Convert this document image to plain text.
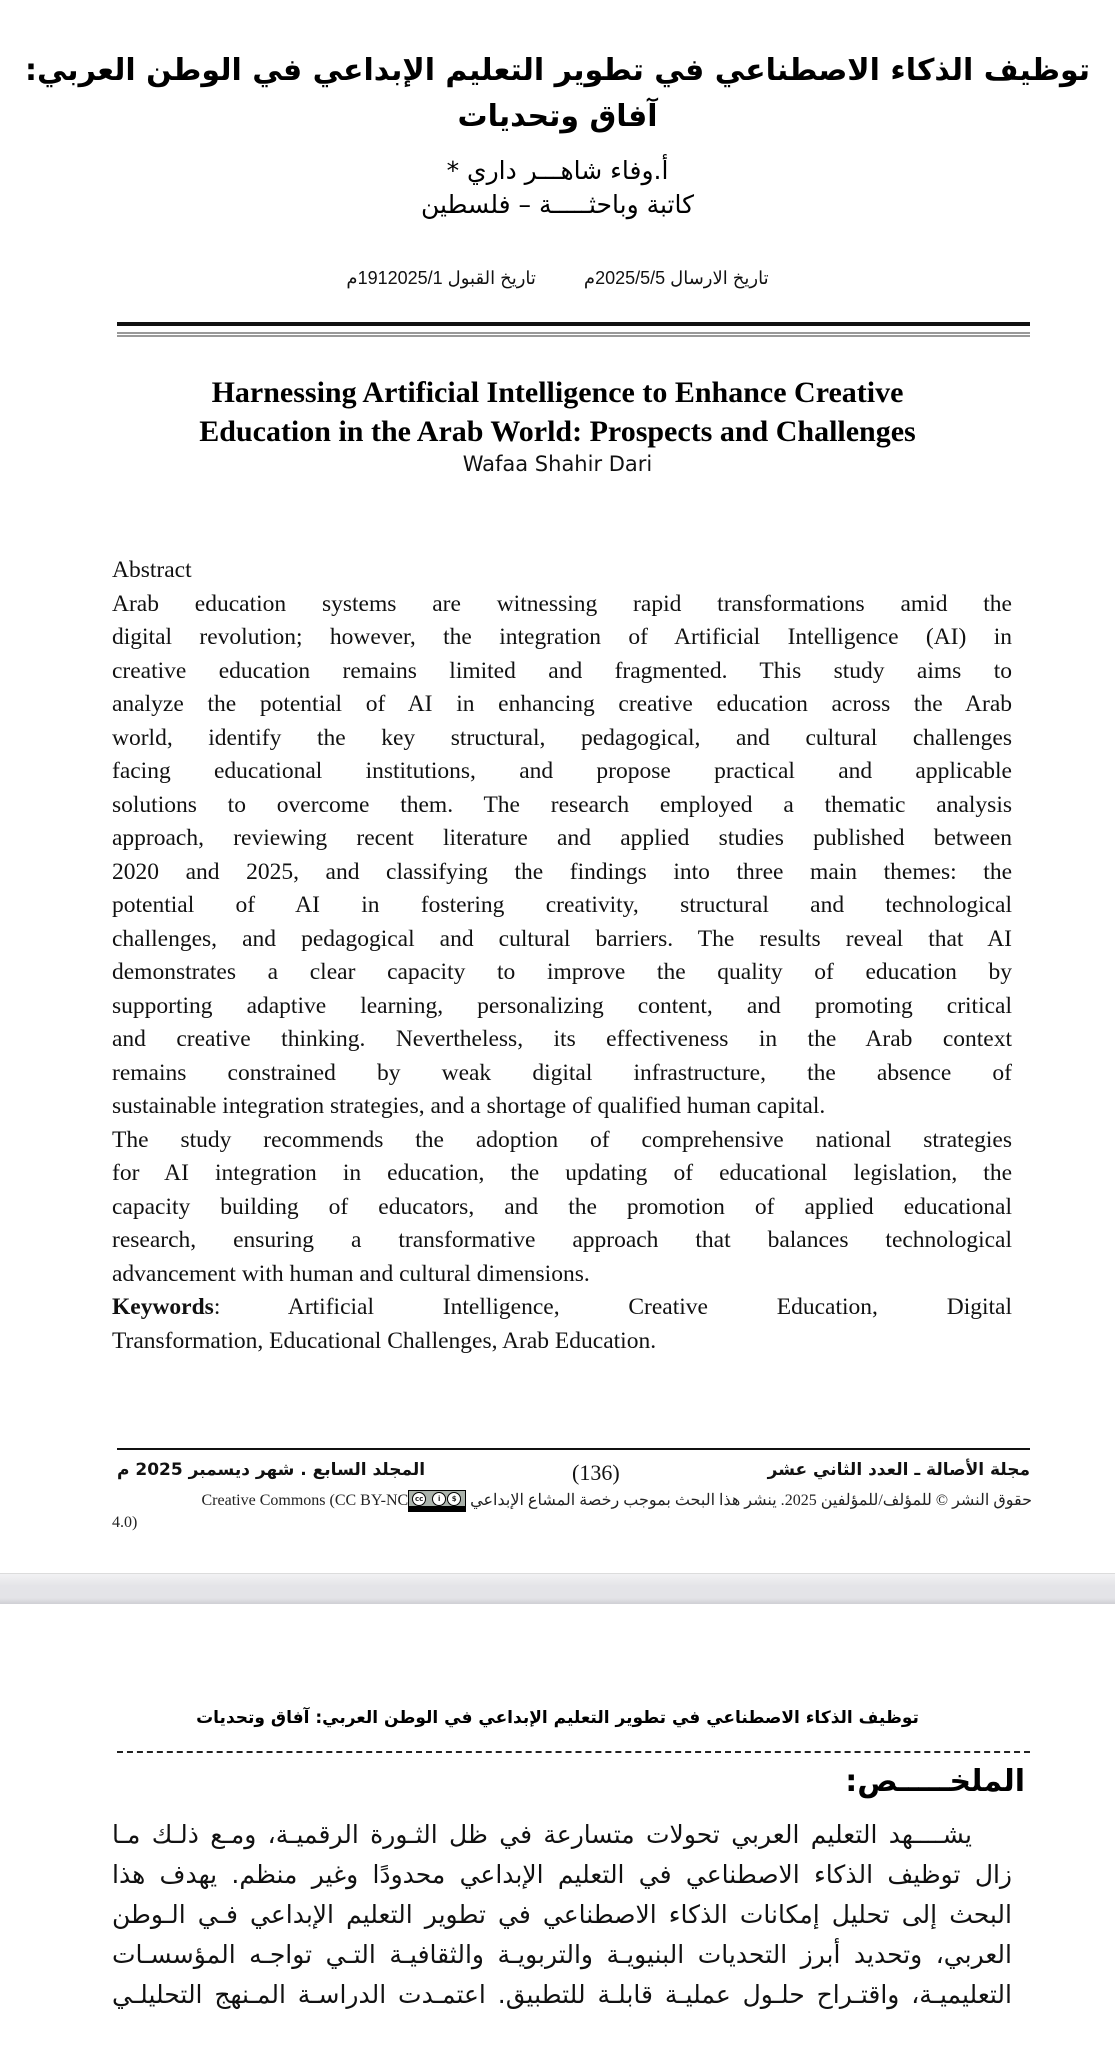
توظيف الذكاء الاصطناعي في تطوير التعليم الإبداعي في الوطن العربي:
آفاق وتحديات
أ.وفاء شاهـــر داري *
كاتبة وباحثـــــة – فلسطين
تاريخ الارسال 2025/5/5م  تاريخ القبول 1912025/1م
Harnessing Artificial Intelligence to Enhance Creative
Education in the Arab World: Prospects and Challenges
Wafaa Shahir Dari
Abstract
Arab education systems are witnessing rapid transformations amid the
digital revolution; however, the integration of Artificial Intelligence (AI) in
creative education remains limited and fragmented. This study aims to
analyze the potential of AI in enhancing creative education across the Arab
world, identify the key structural, pedagogical, and cultural challenges
facing educational institutions, and propose practical and applicable
solutions to overcome them. The research employed a thematic analysis
approach, reviewing recent literature and applied studies published between
2020 and 2025, and classifying the findings into three main themes: the
potential of AI in fostering creativity, structural and technological
challenges, and pedagogical and cultural barriers. The results reveal that AI
demonstrates a clear capacity to improve the quality of education by
supporting adaptive learning, personalizing content, and promoting critical
and creative thinking. Nevertheless, its effectiveness in the Arab context
remains constrained by weak digital infrastructure, the absence of
sustainable integration strategies, and a shortage of qualified human capital.
The study recommends the adoption of comprehensive national strategies
for AI integration in education, the updating of educational legislation, the
capacity building of educators, and the promotion of applied educational
research, ensuring a transformative approach that balances technological
advancement with human and cultural dimensions.
Keywords:   Artificial   Intelligence,   Creative   Education,   Digital
Transformation, Educational Challenges, Arab Education.
مجلة الأصالة ـ العدد الثاني عشر
(136)
المجلد السابع . شهر ديسمبر 2025 م
حقوق النشر © للمؤلف/للمؤلفين 2025. ينشر هذا البحث بموجب رخصة المشاع الإبداعي
cc	i	$
Creative Commons (CC BY-NC
4.0)
توظيف الذكاء الاصطناعي في تطوير التعليم الإبداعي في الوطن العربي: آفاق وتحديات
الملخـــــص:
يشــــهد التعليم العربي تحولات متسارعة في ظل الثـورة الرقميـة، ومـع ذلـك مـا
زال توظيف الذكاء الاصطناعي في التعليم الإبداعي محدودًا وغير منظم. يهدف هذا
البحث إلى تحليل إمكانات الذكاء الاصطناعي في تطوير التعليم الإبداعي فـي الـوطن
العربي، وتحديد أبرز التحديات البنيويـة والتربويـة والثقافيـة التـي تواجـه المؤسسـات
التعليميـة، واقتـراح حلـول عمليـة قابلـة للتطبيق. اعتمـدت الدراسـة المـنهج التحليلـي
